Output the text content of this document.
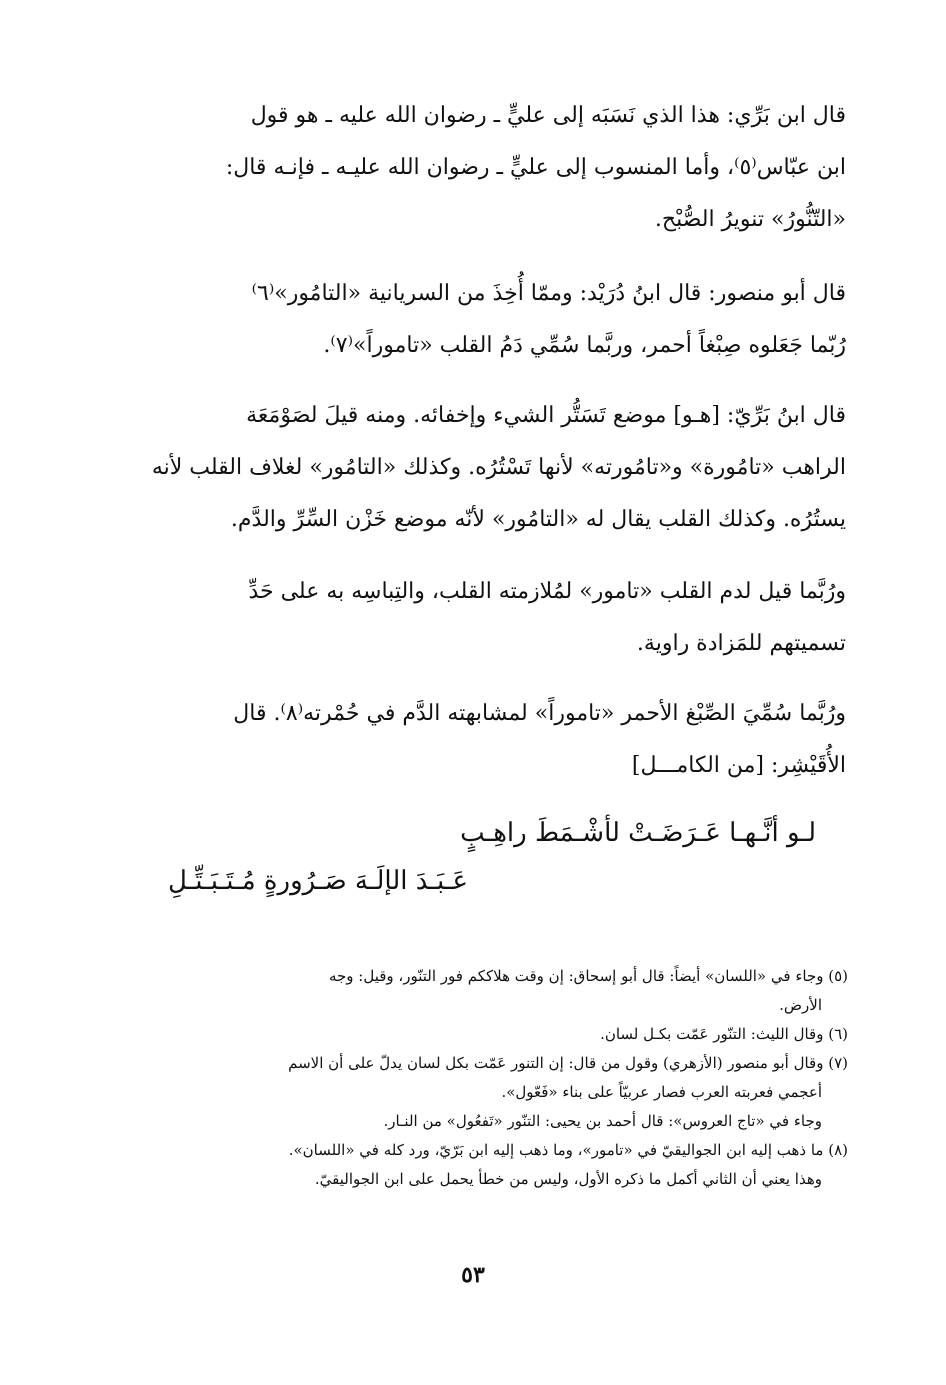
قال ابن بَرِّي: هذا الذي نَسَبَه إلى عليٍّ ـ رضوان الله عليه ـ هو قول
ابن عبّاس⁽٥⁾، وأما المنسوب إلى عليٍّ ـ رضوان الله عليـه ـ فإنـه قال:
«التّنُّورُ» تنويرُ الصُّبْح.

قال أبو منصور: قال ابنُ دُرَيْد: وممّا أُخِذَ من السريانية «التامُور»⁽٦⁾
رُبّما جَعَلوه صِبْغاً أحمر، وربَّما سُمِّي دَمُ القلب «تاموراً»⁽٧⁾.

قال ابنُ بَرِّيّ: [هـو] موضع تَسَتُّر الشيء وإخفائه. ومنه قيلَ لصَوْمَعَة
الراهب «تامُورة» و«تامُورته» لأنها تَسْتُرُه. وكذلك «التامُور» لغلاف القلب لأنه
يستُرُه. وكذلك القلب يقال له «التامُور» لأنّه موضع خَزْن السِّرِّ والدَّم.

ورُبَّما قيل لدم القلب «تامور» لمُلازمته القلب، والتِباسِه به على حَدِّ
تسميتهم للمَزادة راوية.

ورُبَّما سُمِّيَ الصِّبْغ الأحمر «تاموراً» لمشابهته الدَّم في حُمْرته⁽٨⁾. قال
الأُقَيْشِر: [من الكامـــل]

لـو أنَّـهـا عَـرَضَـتْ لأشْـمَطَ راهِـبٍ
عَـبَـدَ الإلَـهَ صَـرُورةٍ مُـتَـبَـتِّـلِ
(٥) وجاء في «اللسان» أيضاً: قال أبو إسحاق: إن وقت هلاككم فور التنّور، وقيل: وجه
الأرض.
(٦) وقال الليث: التنّور عَمّت بكـل لسان.
(٧) وقال أبو منصور (الأزهري) وقول من قال: إن التنور عَمّت بكل لسان يدلّ على أن الاسم
أعجمي فعربته العرب فصار عربيّاً على بناء «فَعّول».
وجاء في «تاج العروس»: قال أحمد بن يحيى: التنّور «تَفعُول» من النـار.
(٨) ما ذهب إليه ابن الجواليقيّ في «تامور»، وما ذهب إليه ابن بَرّيّ، ورد كله في «اللسان».
وهذا يعني أن الثاني أكمل ما ذكره الأول، وليس من خطأ يحمل على ابن الجواليقيّ.
٥٣
